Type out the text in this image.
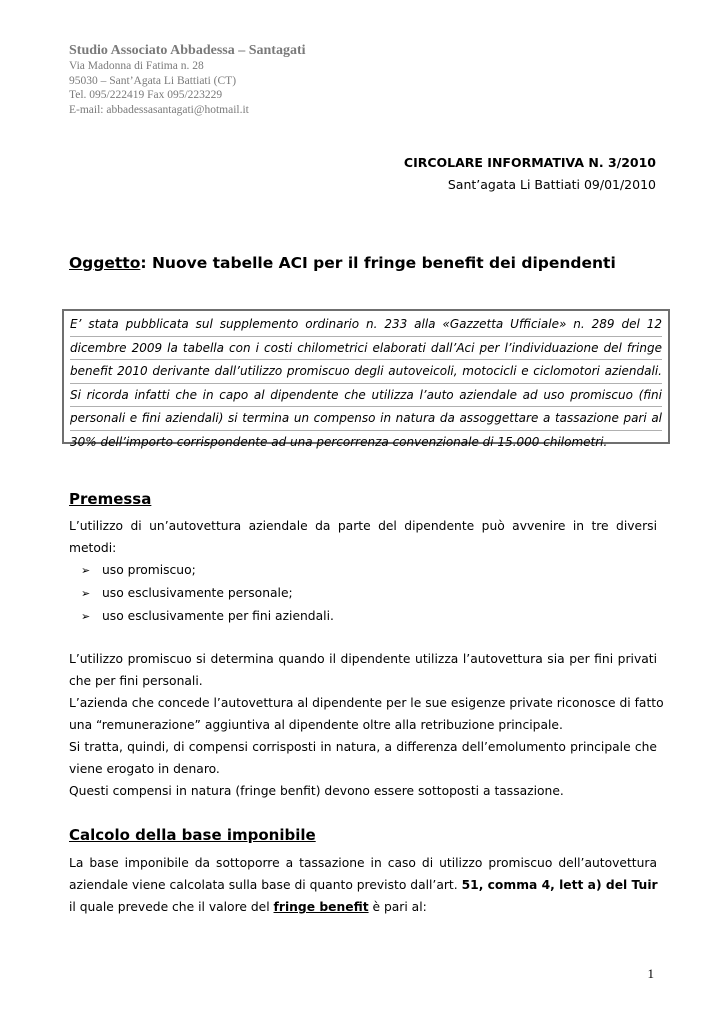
Studio Associato Abbadessa – Santagati
Via Madonna di Fatima n. 28
95030 – Sant’Agata Li Battiati (CT)
Tel. 095/222419 Fax 095/223229
E-mail: abbadessasantagati@hotmail.it
CIRCOLARE INFORMATIVA N. 3/2010
Sant’agata Li Battiati 09/01/2010
Oggetto: Nuove tabelle ACI per il fringe benefit dei dipendenti
E’ stata pubblicata sul supplemento ordinario n. 233 alla «Gazzetta Ufficiale» n. 289 del 12
dicembre 2009 la tabella con i costi chilometrici elaborati dall’Aci per l’individuazione del fringe
benefit 2010 derivante dall’utilizzo promiscuo degli autoveicoli, motocicli e ciclomotori aziendali.
Si ricorda infatti che in capo al dipendente che utilizza l’auto aziendale ad uso promiscuo (fini
personali e fini aziendali) si termina un compenso in natura da assoggettare a tassazione pari al
30% dell’importo corrispondente ad una percorrenza convenzionale di 15.000 chilometri.
Premessa
L’utilizzo di un’autovettura aziendale da parte del dipendente può avvenire in tre diversi
metodi:
➢ uso promiscuo;
➢ uso esclusivamente personale;
➢ uso esclusivamente per fini aziendali.
L’utilizzo promiscuo si determina quando il dipendente utilizza l’autovettura sia per fini privati
che per fini personali.
L’azienda che concede l’autovettura al dipendente per le sue esigenze private riconosce di fatto
una “remunerazione” aggiuntiva al dipendente oltre alla retribuzione principale.
Si tratta, quindi, di compensi corrisposti in natura, a differenza dell’emolumento principale che
viene erogato in denaro.
Questi compensi in natura (fringe benfit) devono essere sottoposti a tassazione.
Calcolo della base imponibile
La base imponibile da sottoporre a tassazione in caso di utilizzo promiscuo dell’autovettura
aziendale viene calcolata sulla base di quanto previsto dall’art. 51, comma 4, lett a) del Tuir
il quale prevede che il valore del fringe benefit è pari al:
1
